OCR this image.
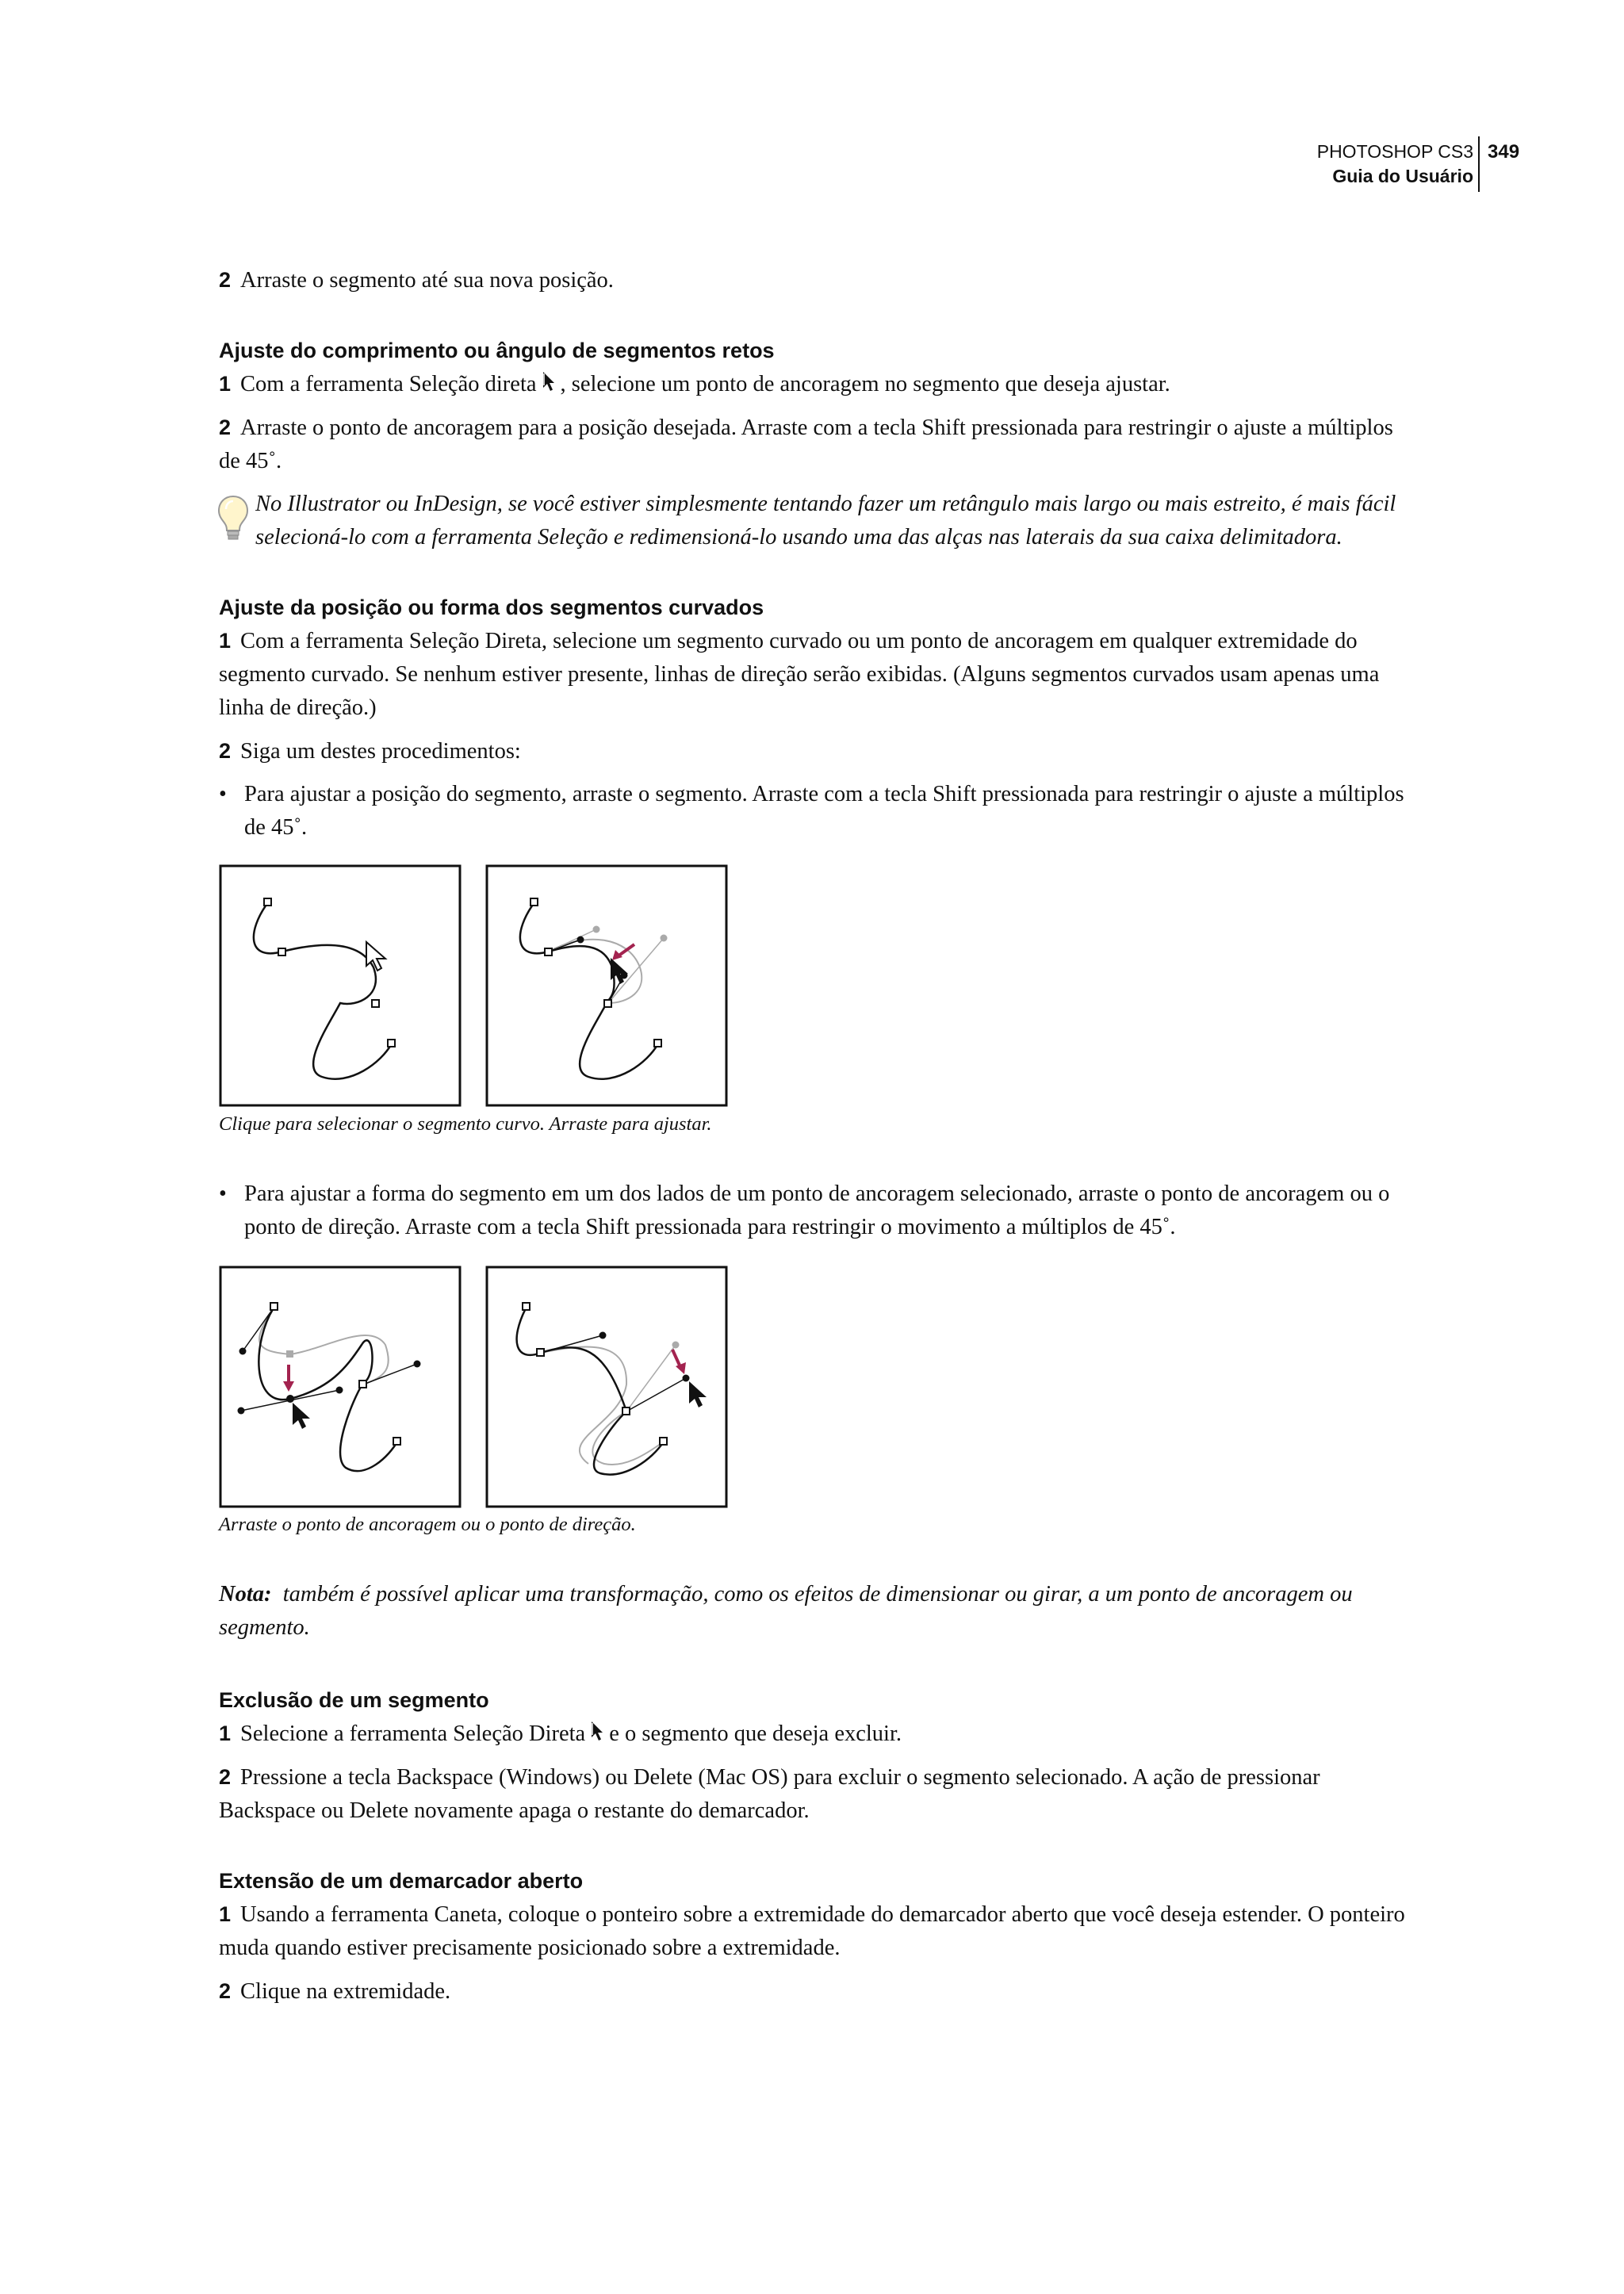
PHOTOSHOP CS3
Guia do Usuário
349

2 Arraste o segmento até sua nova posição.

Ajuste do comprimento ou ângulo de segmentos retos

1 Com a ferramenta Seleção direta , selecione um ponto de ancoragem no segmento que deseja ajustar.

2 Arraste o ponto de ancoragem para a posição desejada. Arraste com a tecla Shift pressionada para restringir o ajuste a múltiplos de 45˚.

No Illustrator ou InDesign, se você estiver simplesmente tentando fazer um retângulo mais largo ou mais estreito, é mais fácil selecioná-lo com a ferramenta Seleção e redimensioná-lo usando uma das alças nas laterais da sua caixa delimitadora.
Ajuste da posição ou forma dos segmentos curvados

1 Com a ferramenta Seleção Direta, selecione um segmento curvado ou um ponto de ancoragem em qualquer extremidade do segmento curvado. Se nenhum estiver presente, linhas de direção serão exibidas. (Alguns segmentos curvados usam apenas uma linha de direção.)

2 Siga um destes procedimentos:

• Para ajustar a posição do segmento, arraste o segmento. Arraste com a tecla Shift pressionada para restringir o ajuste a múltiplos de 45˚.
Clique para selecionar o segmento curvo. Arraste para ajustar.
• Para ajustar a forma do segmento em um dos lados de um ponto de ancoragem selecionado, arraste o ponto de ancoragem ou o ponto de direção. Arraste com a tecla Shift pressionada para restringir o movimento a múltiplos de 45˚.
Arraste o ponto de ancoragem ou o ponto de direção.

Nota: também é possível aplicar uma transformação, como os efeitos de dimensionar ou girar, a um ponto de ancoragem ou segmento.

Exclusão de um segmento

1 Selecione a ferramenta Seleção Direta e o segmento que deseja excluir.

2 Pressione a tecla Backspace (Windows) ou Delete (Mac OS) para excluir o segmento selecionado. A ação de pressionar Backspace ou Delete novamente apaga o restante do demarcador.

Extensão de um demarcador aberto

1 Usando a ferramenta Caneta, coloque o ponteiro sobre a extremidade do demarcador aberto que você deseja estender. O ponteiro muda quando estiver precisamente posicionado sobre a extremidade.

2 Clique na extremidade.
